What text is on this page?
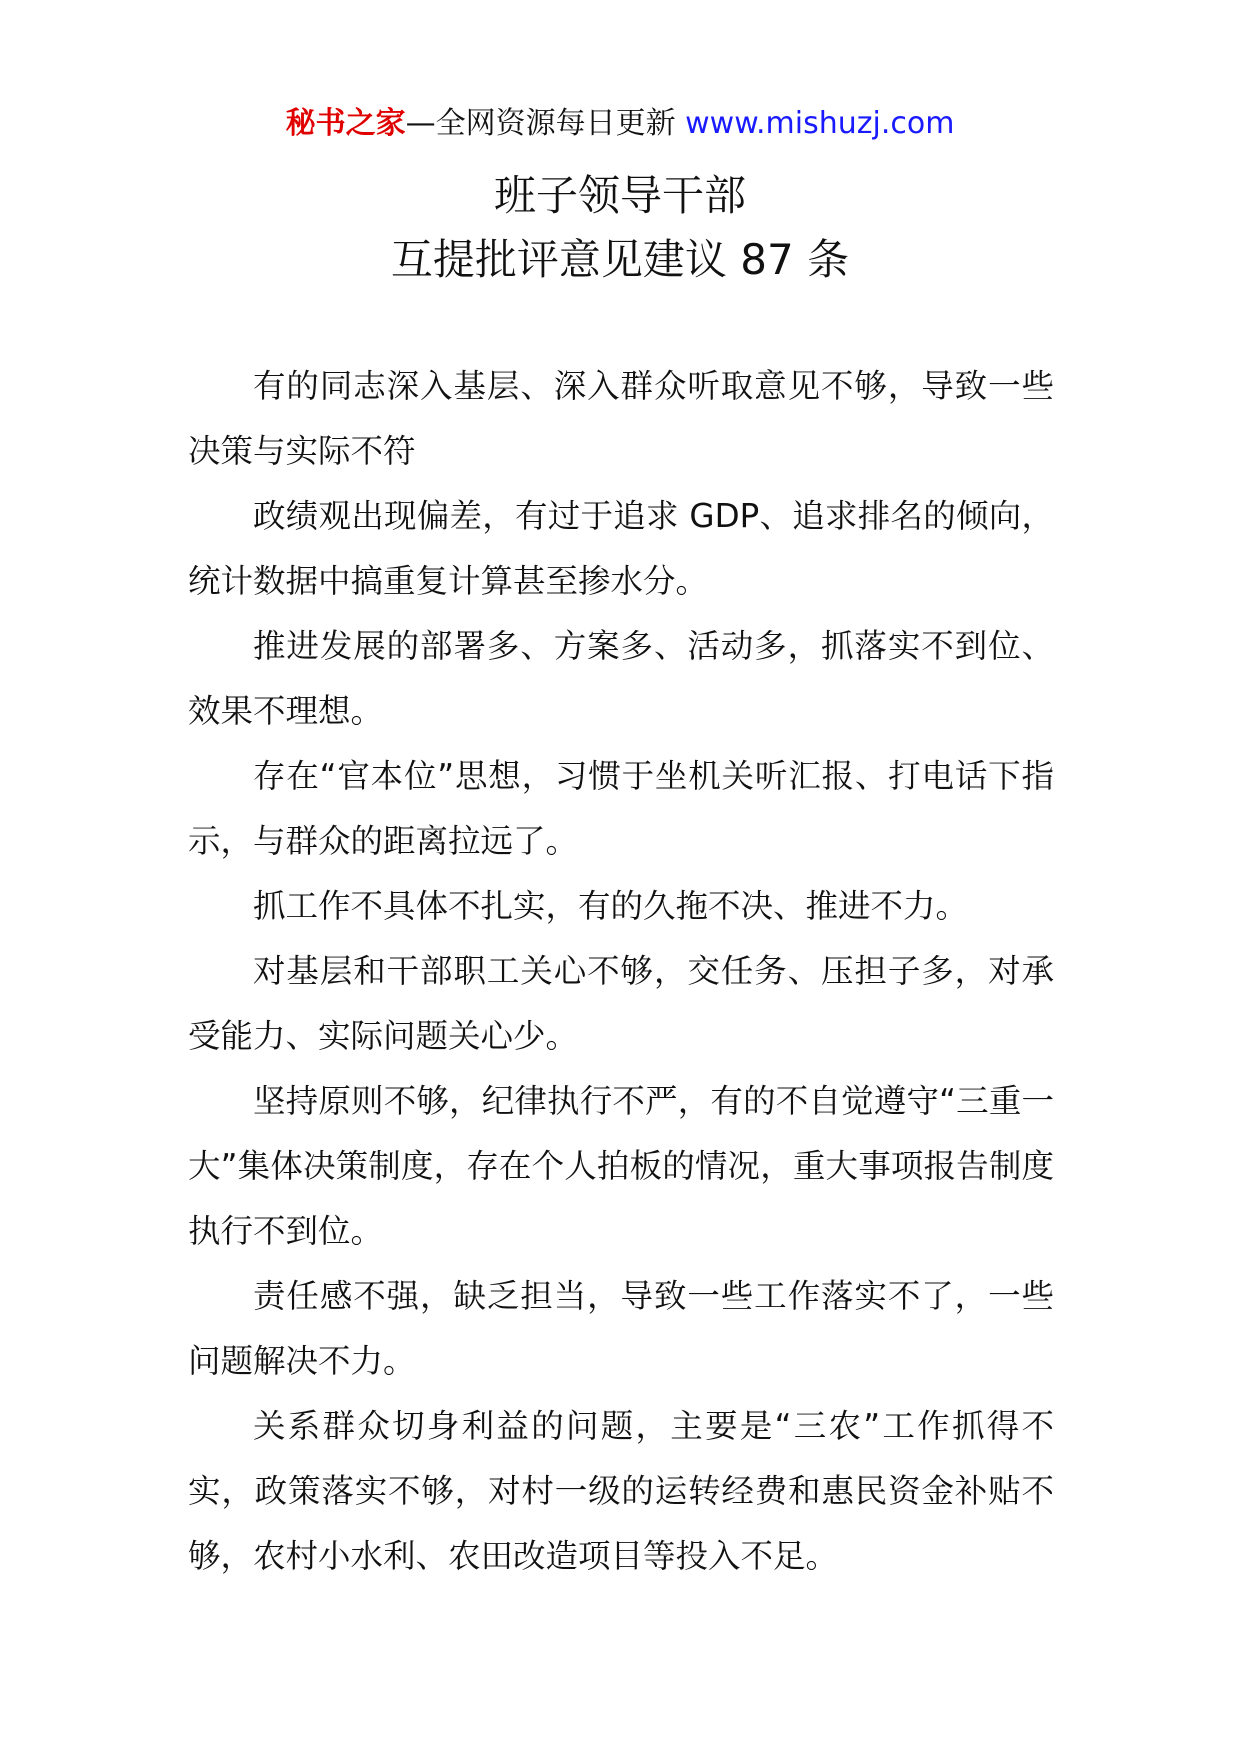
秘书之家—全网资源每日更新 www.mishuzj.com
班子领导干部
互提批评意见建议 87 条

有的同志深入基层、深入群众听取意见不够，导致一些决策与实际不符

政绩观出现偏差，有过于追求 GDP、追求排名的倾向，统计数据中搞重复计算甚至掺水分。

推进发展的部署多、方案多、活动多，抓落实不到位、效果不理想。

存在“官本位”思想，习惯于坐机关听汇报、打电话下指示，与群众的距离拉远了。

抓工作不具体不扎实，有的久拖不决、推进不力。

对基层和干部职工关心不够，交任务、压担子多，对承受能力、实际问题关心少。

坚持原则不够，纪律执行不严，有的不自觉遵守“三重一大”集体决策制度，存在个人拍板的情况，重大事项报告制度执行不到位。

责任感不强，缺乏担当，导致一些工作落实不了，一些问题解决不力。

关系群众切身利益的问题，主要是“三农”工作抓得不实，政策落实不够，对村一级的运转经费和惠民资金补贴不够，农村小水利、农田改造项目等投入不足。
